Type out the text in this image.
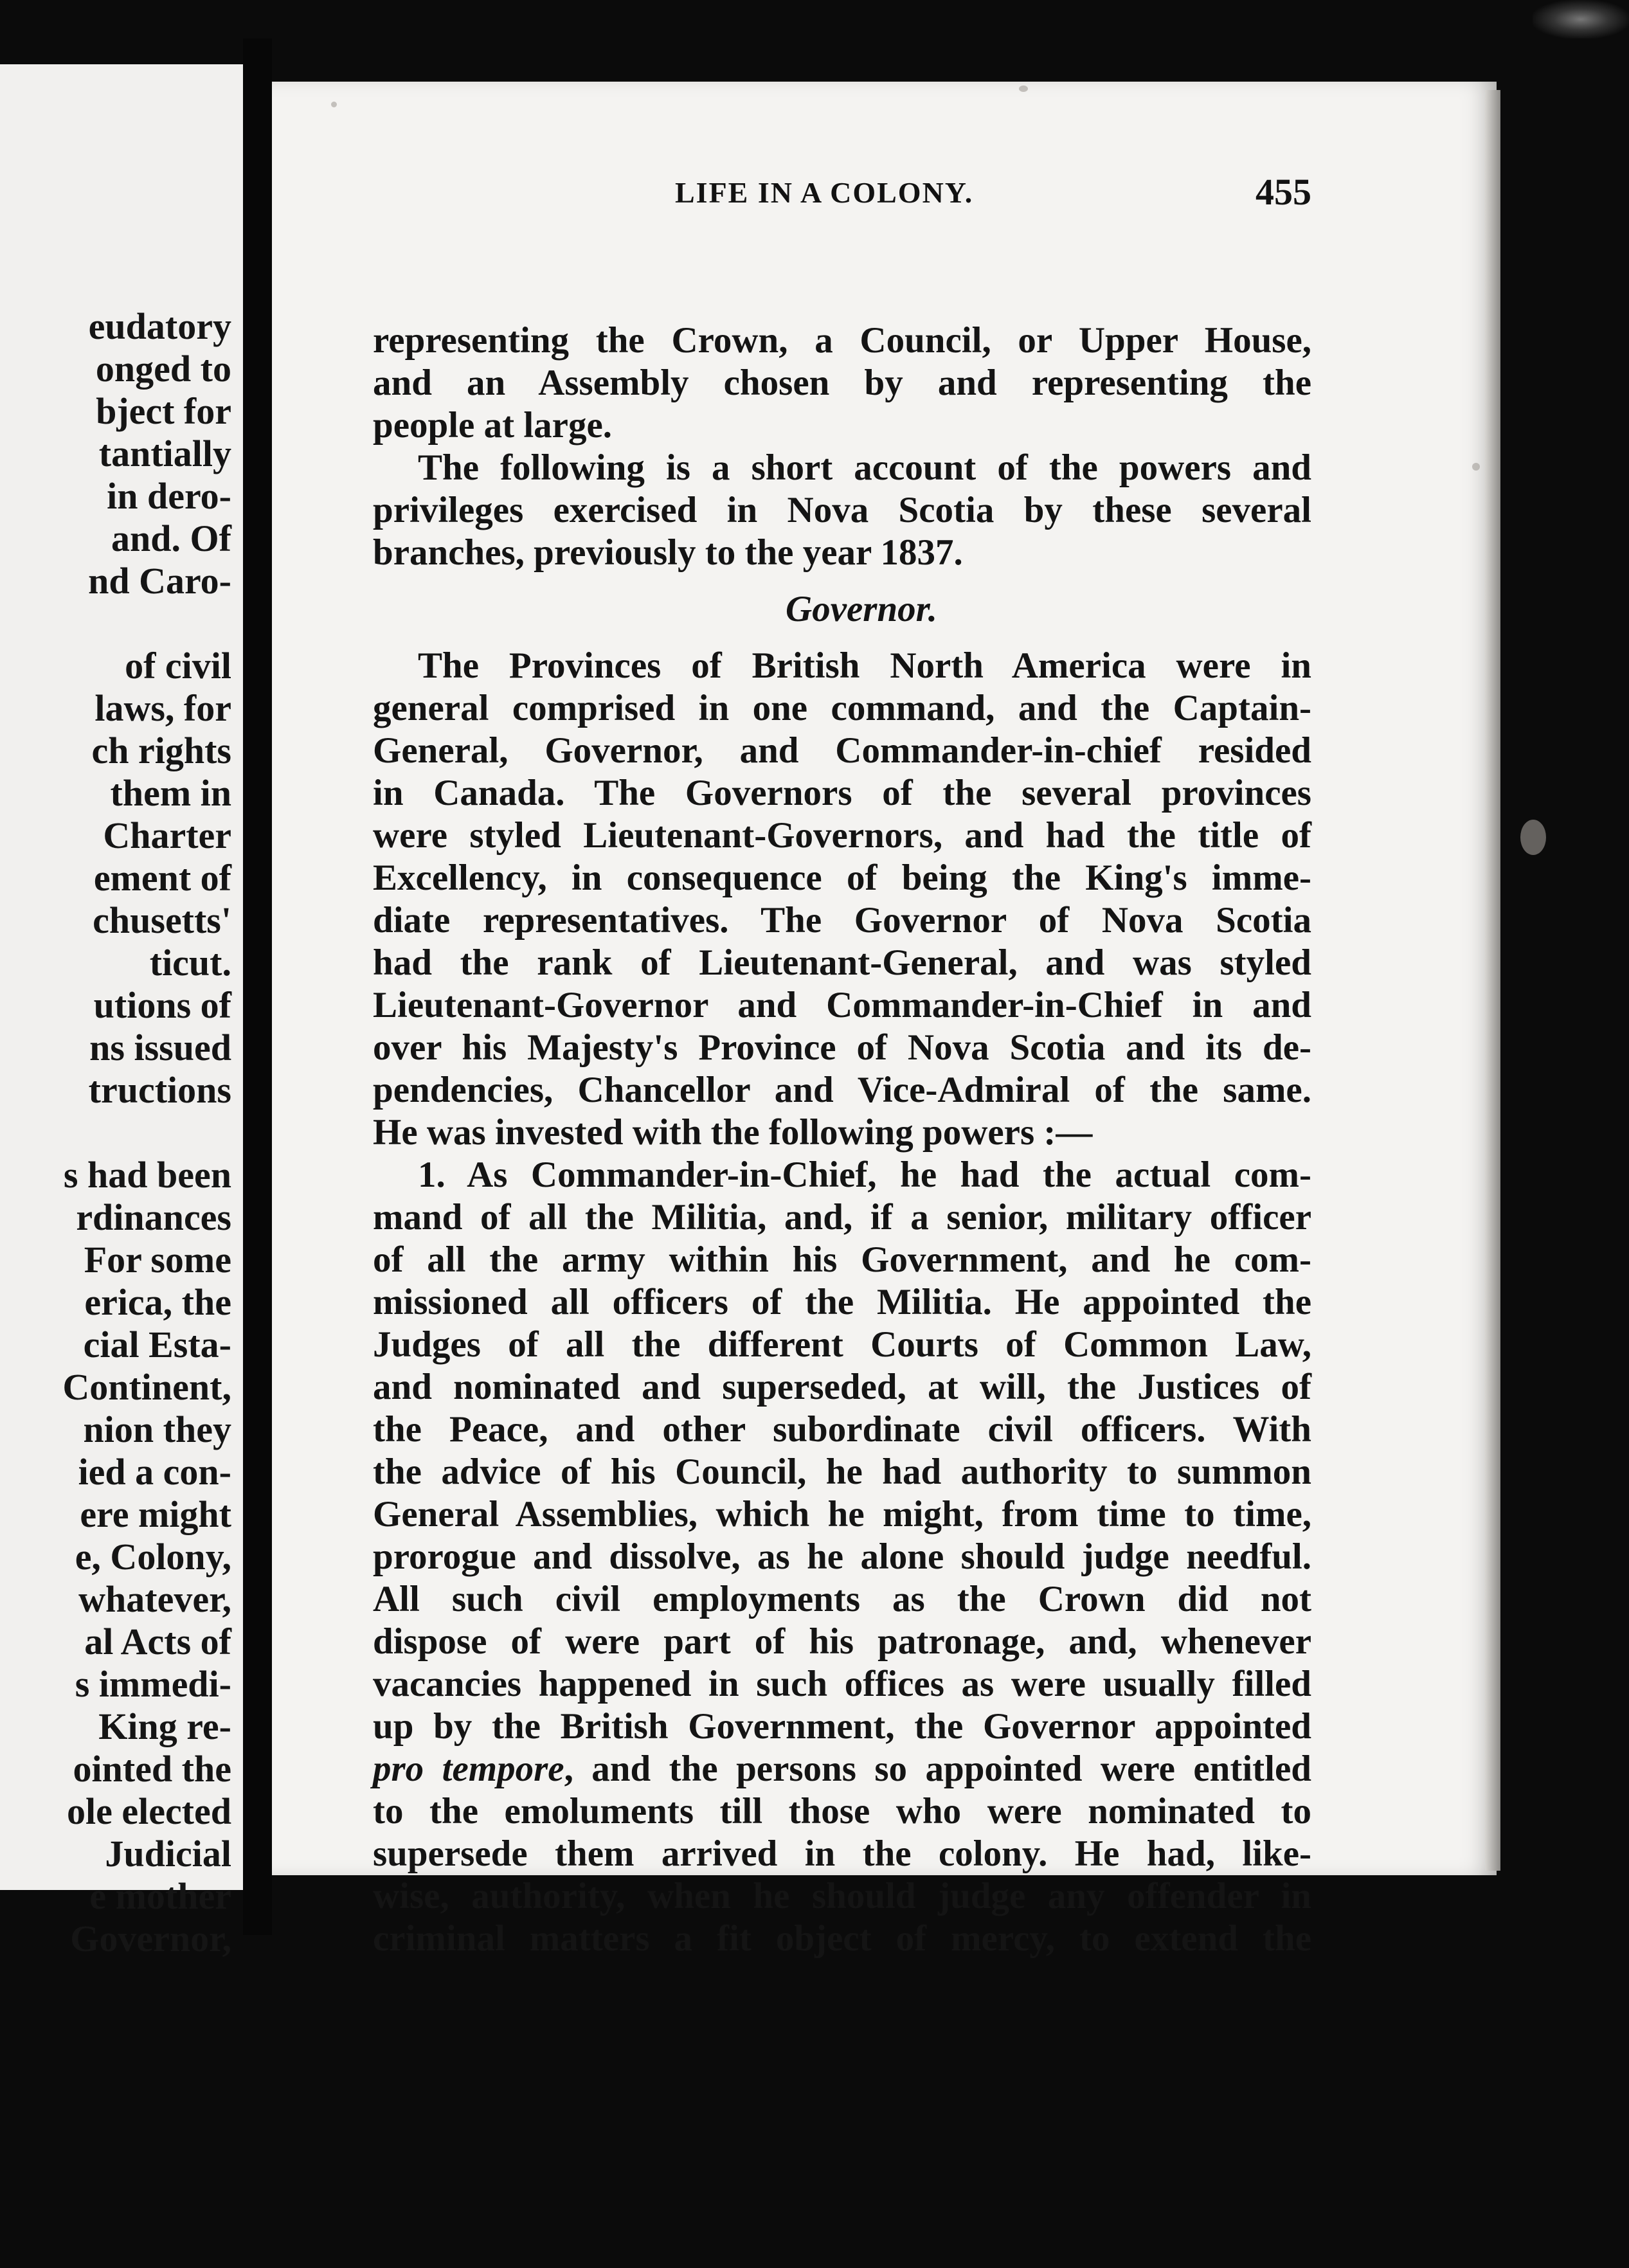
eudatory
onged to
bject for
tantially
in dero-
and. Of
nd Caro-
of civil
laws, for
ch rights
them in
Charter
ement of
chusetts'
ticut.
utions of
ns issued
tructions
s had been
rdinances
For some
erica, the
cial Esta-
Continent,
nion they
ied a con-
ere might
e, Colony,
whatever,
al Acts of
s immedi-
King re-
ointed the
ole elected
Judicial
e mother
Governor,
LIFE IN A COLONY.	455
representing the Crown, a Council, or Upper House,
and an Assembly chosen by and representing the
people at large.
The following is a short account of the powers and
privileges exercised in Nova Scotia by these several
branches, previously to the year 1837.
Governor.
The Provinces of British North America were in
general comprised in one command, and the Captain-
General, Governor, and Commander-in-chief resided
in Canada. The Governors of the several provinces
were styled Lieutenant-Governors, and had the title of
Excellency, in consequence of being the King's imme-
diate representatives. The Governor of Nova Scotia
had the rank of Lieutenant-General, and was styled
Lieutenant-Governor and Commander-in-Chief in and
over his Majesty's Province of Nova Scotia and its de-
pendencies, Chancellor and Vice-Admiral of the same.
He was invested with the following powers :—
1. As Commander-in-Chief, he had the actual com-
mand of all the Militia, and, if a senior, military officer
of all the army within his Government, and he com-
missioned all officers of the Militia. He appointed the
Judges of all the different Courts of Common Law,
and nominated and superseded, at will, the Justices of
the Peace, and other subordinate civil officers. With
the advice of his Council, he had authority to summon
General Assemblies, which he might, from time to time,
prorogue and dissolve, as he alone should judge needful.
All such civil employments as the Crown did not
dispose of were part of his patronage, and, whenever
vacancies happened in such offices as were usually filled
up by the British Government, the Governor appointed
pro tempore, and the persons so appointed were entitled
to the emoluments till those who were nominated to
supersede them arrived in the colony. He had, like-
wise, authority, when he should judge any offender in
criminal matters a fit object of mercy, to extend the
